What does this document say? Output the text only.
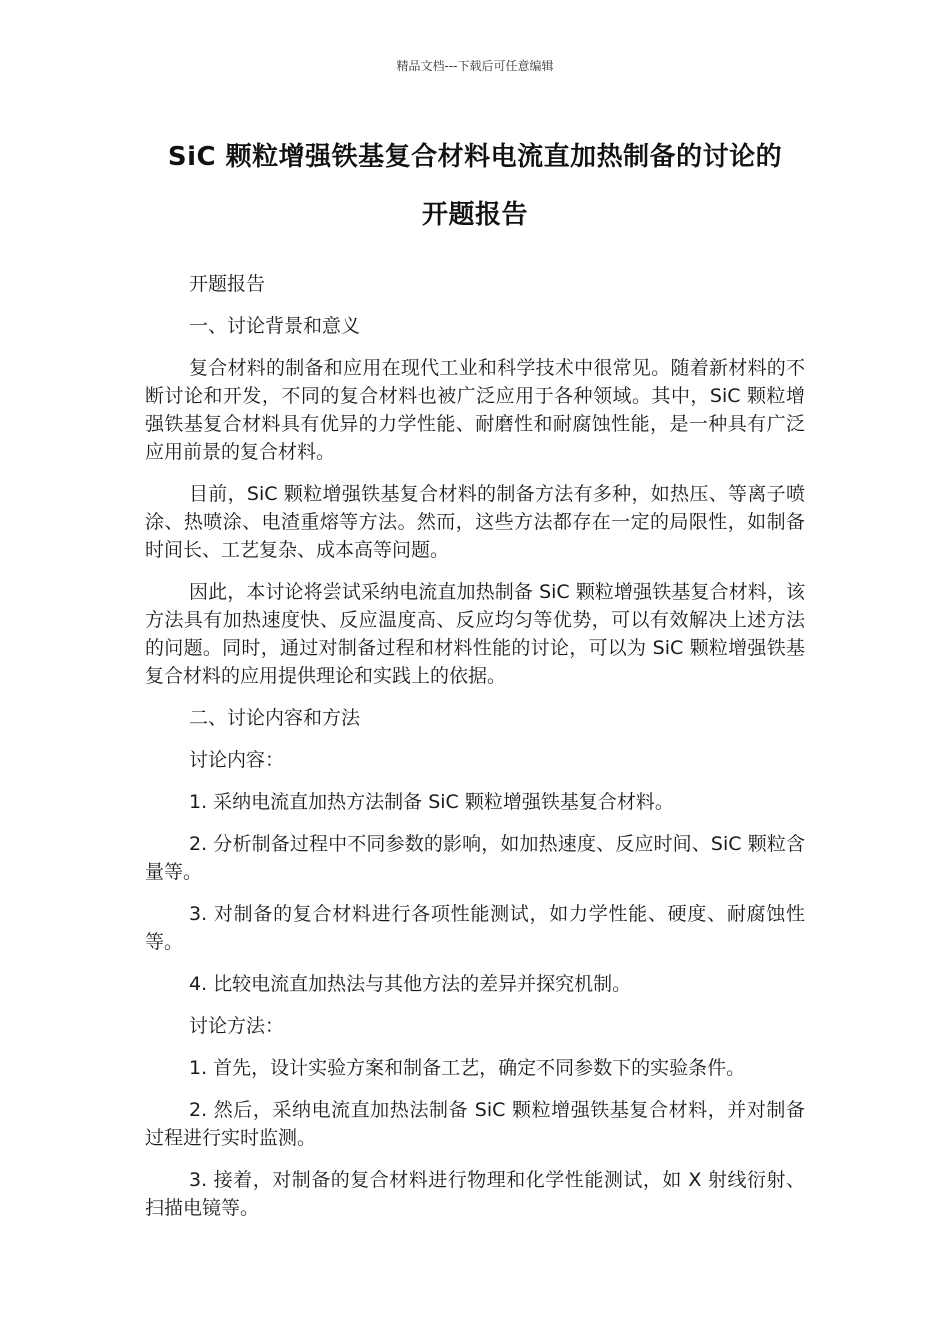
精品文档---下载后可任意编辑
SiC 颗粒增强铁基复合材料电流直加热制备的讨论的
开题报告

开题报告

一、讨论背景和意义

复合材料的制备和应用在现代工业和科学技术中很常见。随着新材料的不断讨论和开发，不同的复合材料也被广泛应用于各种领域。其中，SiC 颗粒增强铁基复合材料具有优异的力学性能、耐磨性和耐腐蚀性能，是一种具有广泛应用前景的复合材料。

目前，SiC 颗粒增强铁基复合材料的制备方法有多种，如热压、等离子喷涂、热喷涂、电渣重熔等方法。然而，这些方法都存在一定的局限性，如制备时间长、工艺复杂、成本高等问题。

因此，本讨论将尝试采纳电流直加热制备 SiC 颗粒增强铁基复合材料，该方法具有加热速度快、反应温度高、反应均匀等优势，可以有效解决上述方法的问题。同时，通过对制备过程和材料性能的讨论，可以为 SiC 颗粒增强铁基复合材料的应用提供理论和实践上的依据。

二、讨论内容和方法

讨论内容：

1. 采纳电流直加热方法制备 SiC 颗粒增强铁基复合材料。

2. 分析制备过程中不同参数的影响，如加热速度、反应时间、SiC 颗粒含量等。

3. 对制备的复合材料进行各项性能测试，如力学性能、硬度、耐腐蚀性等。

4. 比较电流直加热法与其他方法的差异并探究机制。

讨论方法：

1. 首先，设计实验方案和制备工艺，确定不同参数下的实验条件。

2. 然后，采纳电流直加热法制备 SiC 颗粒增强铁基复合材料，并对制备过程进行实时监测。

3. 接着，对制备的复合材料进行物理和化学性能测试，如 X 射线衍射、扫描电镜等。
